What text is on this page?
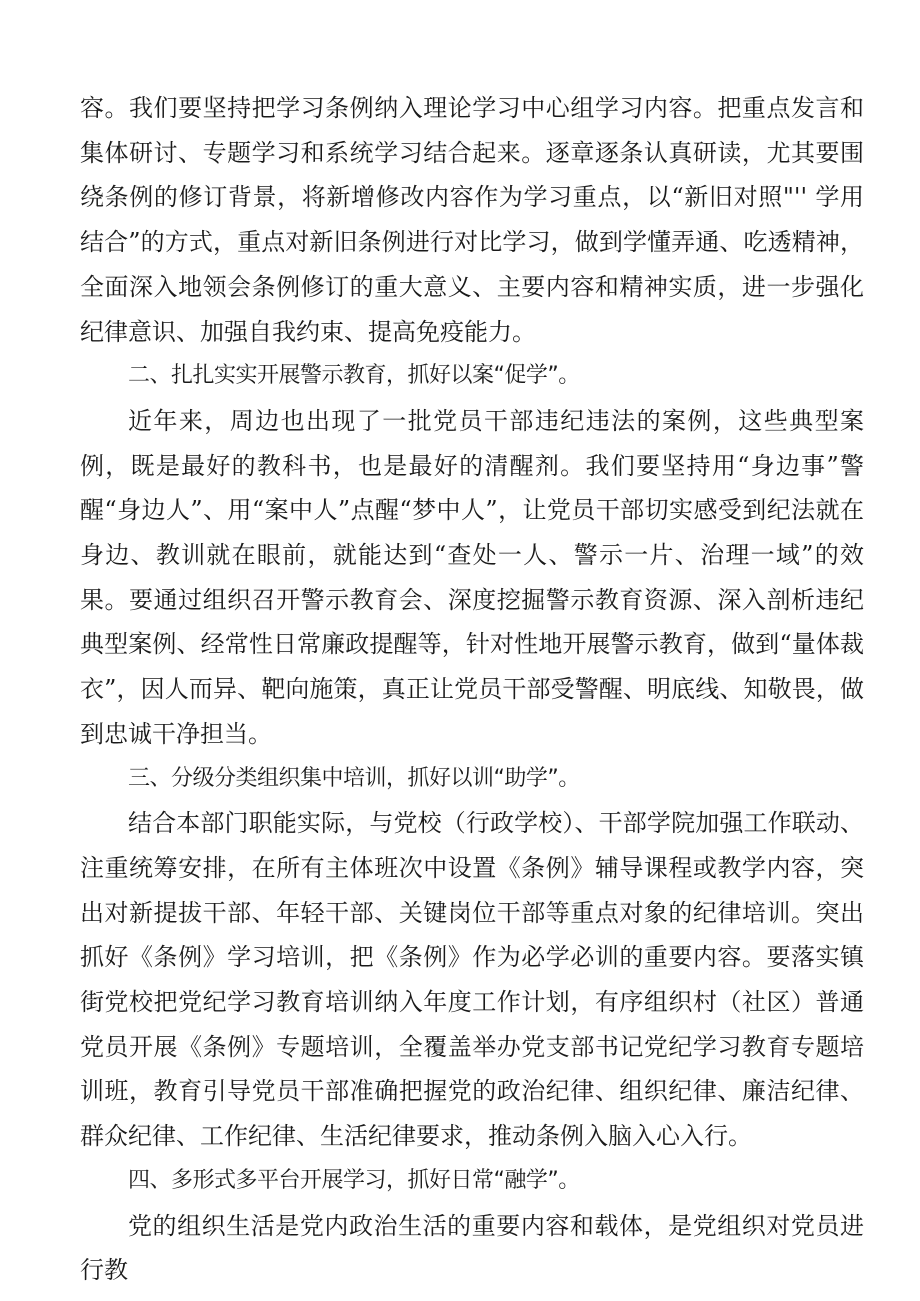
容。我们要坚持把学习条例纳入理论学习中心组学习内容。把重点发言和集体研讨、专题学习和系统学习结合起来。逐章逐条认真研读，尤其要围绕条例的修订背景，将新增修改内容作为学习重点，以“新旧对照"'' 学用结合”的方式，重点对新旧条例进行对比学习，做到学懂弄通、吃透精神，全面深入地领会条例修订的重大意义、主要内容和精神实质，进一步强化纪律意识、加强自我约束、提高免疫能力。

二、扎扎实实开展警示教育，抓好以案“促学”。

近年来，周边也出现了一批党员干部违纪违法的案例，这些典型案例，既是最好的教科书，也是最好的清醒剂。我们要坚持用“身边事”警醒“身边人”、用“案中人”点醒“梦中人”，让党员干部切实感受到纪法就在身边、教训就在眼前，就能达到“查处一人、警示一片、治理一域”的效果。要通过组织召开警示教育会、深度挖掘警示教育资源、深入剖析违纪典型案例、经常性日常廉政提醒等，针对性地开展警示教育，做到“量体裁衣”，因人而异、靶向施策，真正让党员干部受警醒、明底线、知敬畏，做到忠诚干净担当。

三、分级分类组织集中培训，抓好以训“助学”。

结合本部门职能实际，与党校（行政学校）、干部学院加强工作联动、注重统筹安排，在所有主体班次中设置《条例》辅导课程或教学内容，突出对新提拔干部、年轻干部、关键岗位干部等重点对象的纪律培训。突出抓好《条例》学习培训，把《条例》作为必学必训的重要内容。要落实镇街党校把党纪学习教育培训纳入年度工作计划，有序组织村（社区）普通党员开展《条例》专题培训，全覆盖举办党支部书记党纪学习教育专题培训班，教育引导党员干部准确把握党的政治纪律、组织纪律、廉洁纪律、群众纪律、工作纪律、生活纪律要求，推动条例入脑入心入行。

四、多形式多平台开展学习，抓好日常“融学”。

党的组织生活是党内政治生活的重要内容和载体，是党组织对党员进行教
